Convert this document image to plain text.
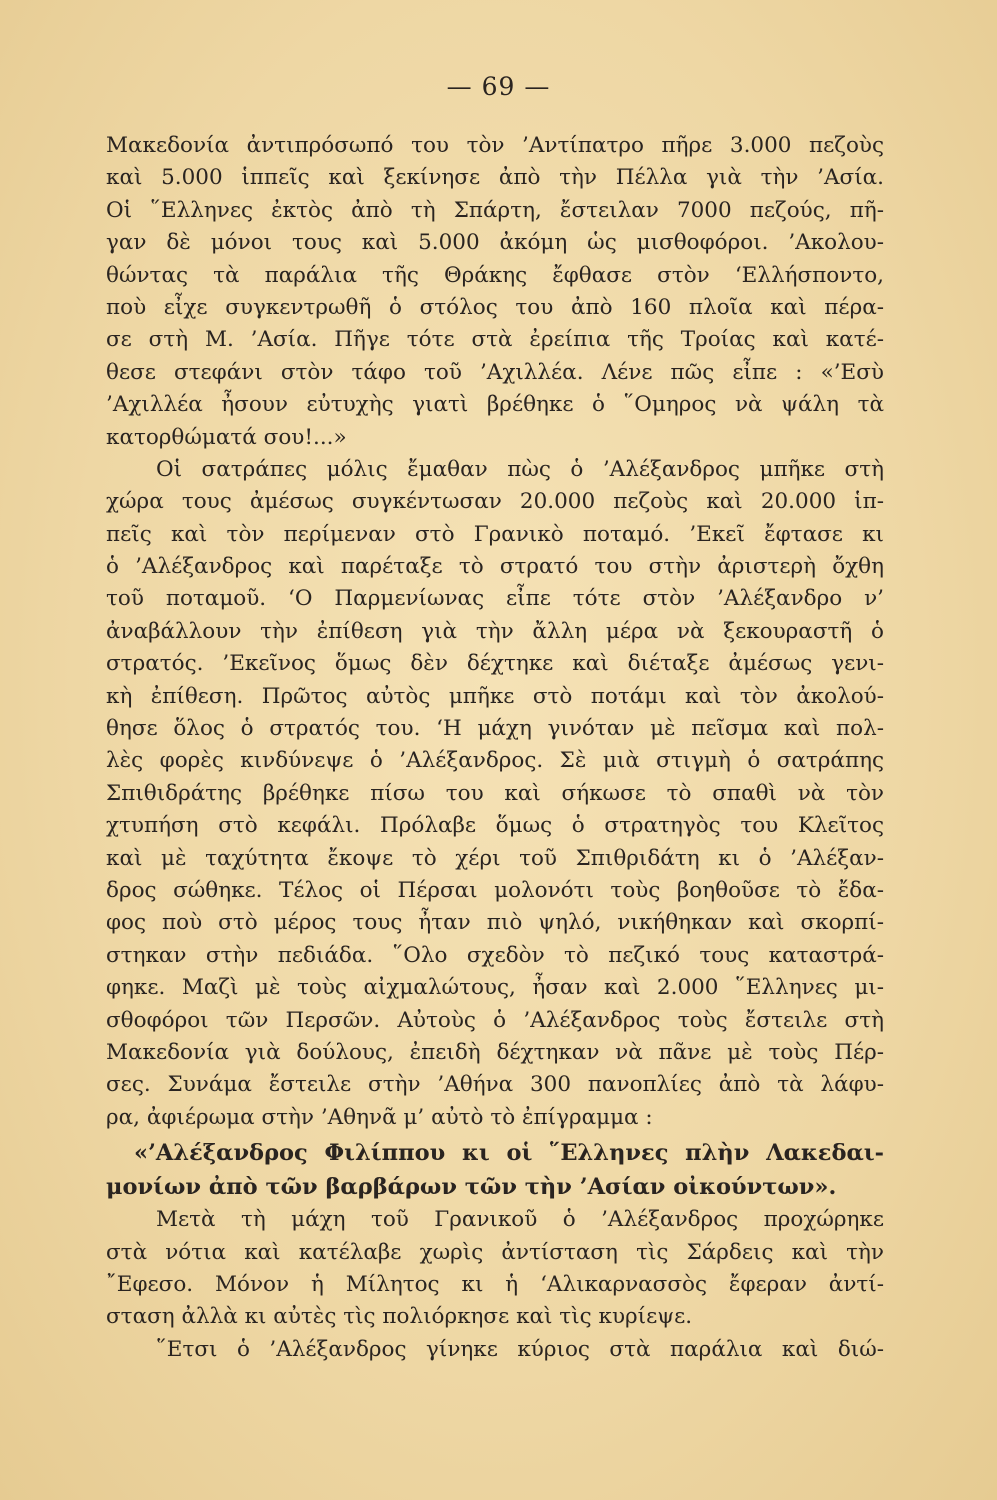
— 69 —
Μακεδονία ἀντιπρόσωπό του τὸν ’Αντίπατρο πῆρε 3.000 πεζοὺς
καὶ 5.000 ἱππεῖς καὶ ξεκίνησε ἀπὸ τὴν Πέλλα γιὰ τὴν ’Ασία.
Οἱ ῞Ελληνες ἐκτὸς ἀπὸ τὴ Σπάρτη, ἔστειλαν 7000 πεζούς, πῆ-
γαν δὲ μόνοι τους καὶ 5.000 ἀκόμη ὡς μισθοφόροι. ’Ακολου-
θώντας τὰ παράλια τῆς Θράκης ἔφθασε στὸν ‘Ελλήσποντο,
ποὺ εἶχε συγκεντρωθῆ ὁ στόλος του ἀπὸ 160 πλοῖα καὶ πέρα-
σε στὴ Μ. ’Ασία. Πῆγε τότε στὰ ἐρείπια τῆς Τροίας καὶ κατέ-
θεσε στεφάνι στὸν τάφο τοῦ ’Αχιλλέα. Λένε πῶς εἶπε : «’Εσὺ
’Αχιλλέα ἦσουν εὐτυχὴς γιατὶ βρέθηκε ὁ ῞Ομηρος νὰ ψάλη τὰ
κατορθώματά σου!...»
Οἱ σατράπες μόλις ἔμαθαν πὼς ὁ ’Αλέξανδρος μπῆκε στὴ
χώρα τους ἀμέσως συγκέντωσαν 20.000 πεζοὺς καὶ 20.000 ἱπ-
πεῖς καὶ τὸν περίμεναν στὸ Γρανικὸ ποταμό. ’Εκεῖ ἔφτασε κι
ὁ ’Αλέξανδρος καὶ παρέταξε τὸ στρατό του στὴν ἀριστερὴ ὄχθη
τοῦ ποταμοῦ. ‘Ο Παρμενίωνας εἶπε τότε στὸν ’Αλέξανδρο ν’
ἀναβάλλουν τὴν ἐπίθεση γιὰ τὴν ἄλλη μέρα νὰ ξεκουραστῆ ὁ
στρατός. ’Εκεῖνος ὅμως δὲν δέχτηκε καὶ διέταξε ἀμέσως γενι-
κὴ ἐπίθεση. Πρῶτος αὐτὸς μπῆκε στὸ ποτάμι καὶ τὸν ἀκολού-
θησε ὅλος ὁ στρατός του. ‘Η μάχη γινόταν μὲ πεῖσμα καὶ πολ-
λὲς φορὲς κινδύνεψε ὁ ’Αλέξανδρος. Σὲ μιὰ στιγμὴ ὁ σατράπης
Σπιθιδράτης βρέθηκε πίσω του καὶ σήκωσε τὸ σπαθὶ νὰ τὸν
χτυπήση στὸ κεφάλι. Πρόλαβε ὅμως ὁ στρατηγὸς του Κλεῖτος
καὶ μὲ ταχύτητα ἔκοψε τὸ χέρι τοῦ Σπιθριδάτη κι ὁ ’Αλέξαν-
δρος σώθηκε. Τέλος οἱ Πέρσαι μολονότι τοὺς βοηθοῦσε τὸ ἔδα-
φος ποὺ στὸ μέρος τους ἦταν πιὸ ψηλό, νικήθηκαν καὶ σκορπί-
στηκαν στὴν πεδιάδα. ῞Ολο σχεδὸν τὸ πεζικό τους καταστρά-
φηκε. Μαζὶ μὲ τοὺς αἰχμαλώτους, ἦσαν καὶ 2.000 ῞Ελληνες μι-
σθοφόροι τῶν Περσῶν. Αὐτοὺς ὁ ’Αλέξανδρος τοὺς ἔστειλε στὴ
Μακεδονία γιὰ δούλους, ἐπειδὴ δέχτηκαν νὰ πᾶνε μὲ τοὺς Πέρ-
σες. Συνάμα ἔστειλε στὴν ’Αθήνα 300 πανοπλίες ἀπὸ τὰ λάφυ-
ρα, ἀφιέρωμα στὴν ’Αθηνᾶ μ’ αὐτὸ τὸ ἐπίγραμμα :
«’Αλέξανδρος Φιλίππου κι οἱ ῞Ελληνες πλὴν Λακεδαι-
μονίων ἀπὸ τῶν βαρβάρων τῶν τὴν ’Ασίαν οἰκούντων».
Μετὰ τὴ μάχη τοῦ Γρανικοῦ ὁ ’Αλέξανδρος προχώρηκε
στὰ νότια καὶ κατέλαβε χωρὶς ἀντίσταση τὶς Σάρδεις καὶ τὴν
῎Εφεσο. Μόνον ἡ Μίλητος κι ἡ ‘Αλικαρνασσὸς ἔφεραν ἀντί-
σταση ἀλλὰ κι αὐτὲς τὶς πολιόρκησε καὶ τὶς κυρίεψε.
῞Ετσι ὁ ’Αλέξανδρος γίνηκε κύριος στὰ παράλια καὶ διώ-
